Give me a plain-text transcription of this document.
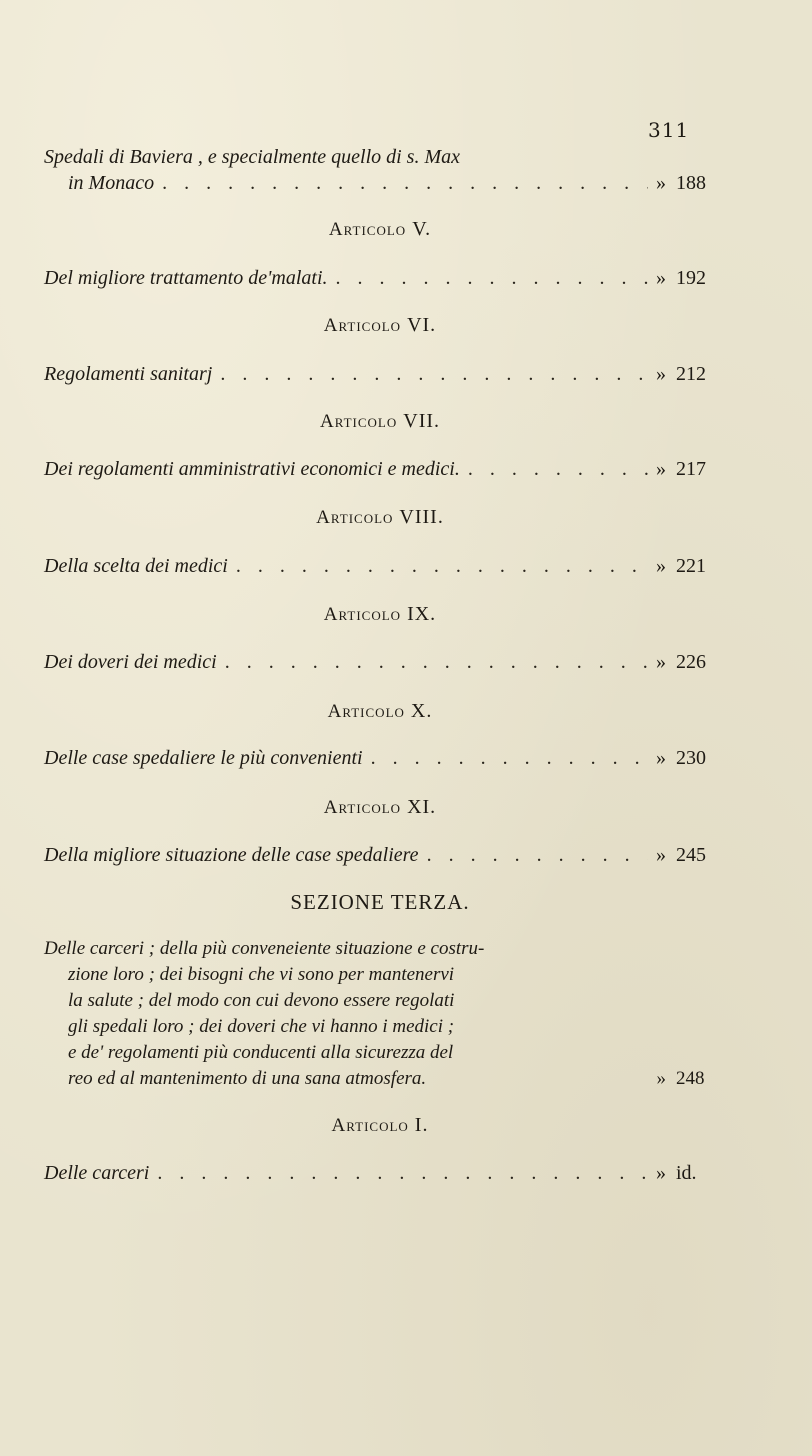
311
Spedali di Baviera , e specialmente quello di s. Max
in Monaco . . .	» 188
Articolo V.
Del migliore trattamento de'malati. . . .	» 192
Articolo VI.
Regolamenti sanitarj . . .	» 212
Articolo VII.
Dei regolamenti amministrativi economici e medici. . . .	» 217
Articolo VIII.
Della scelta dei medici . . .	» 221
Articolo IX.
Dei doveri dei medici . . .	» 226
Articolo X.
Delle case spedaliere le più convenienti . . .	» 230
Articolo XI.
Della migliore situazione delle case spedaliere . . .	» 245
SEZIONE TERZA.
Delle carceri ; della più conveneiente situazione e costru-
zione loro ; dei bisogni che vi sono per mantenervi
la salute ; del modo con cui devono essere regolati
gli spedali loro ; dei doveri che vi hanno i medici ;
e de' regolamenti più conducenti alla sicurezza del
reo ed al mantenimento di una sana atmosfera.	» 248
Articolo I.
Delle carceri . . .	» id.
